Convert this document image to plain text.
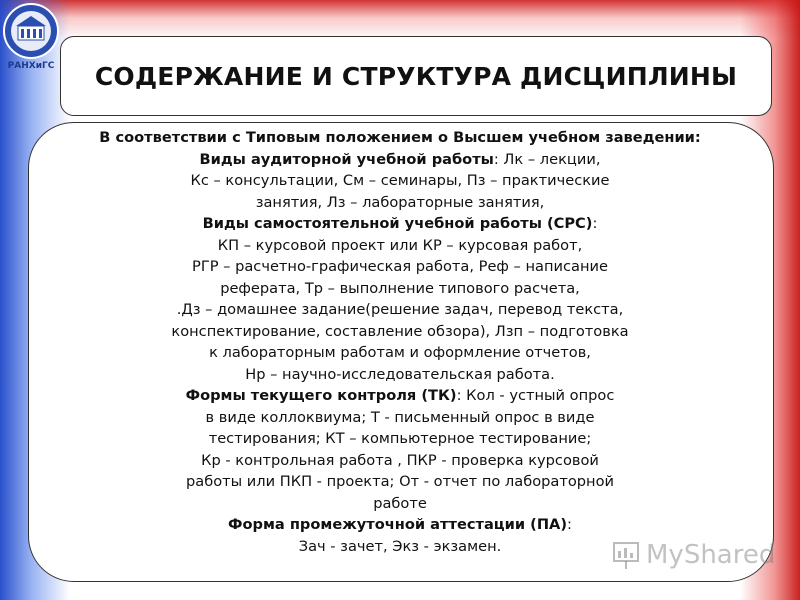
РАНХиГС СОДЕРЖАНИЕ И СТРУКТУРА ДИСЦИПЛИНЫ
В соответствии с Типовым положением о Высшем учебном заведении:
Виды аудиторной учебной работы: Лк – лекции,
Кс – консультации, См – семинары, Пз – практические
занятия, Лз – лабораторные занятия,
Виды самостоятельной учебной работы (СРС):
КП – курсовой проект или КР – курсовая работ,
РГР – расчетно-графическая работа, Реф – написание
реферата, Тр – выполнение типового расчета,
.Дз – домашнее задание(решение задач, перевод текста,
конспектирование, составление обзора), Лзп – подготовка
к лабораторным работам и оформление отчетов,
Нр – научно-исследовательская работа.
Формы текущего контроля (ТК): Кол - устный опрос
в виде коллоквиума; Т - письменный опрос в виде
тестирования; КТ – компьютерное тестирование;
Кр - контрольная работа , ПКР - проверка курсовой
работы или ПКП - проекта; От - отчет по лабораторной
работе
Форма промежуточной аттестации (ПА):
Зач - зачет, Экз - экзамен.	MyShared
